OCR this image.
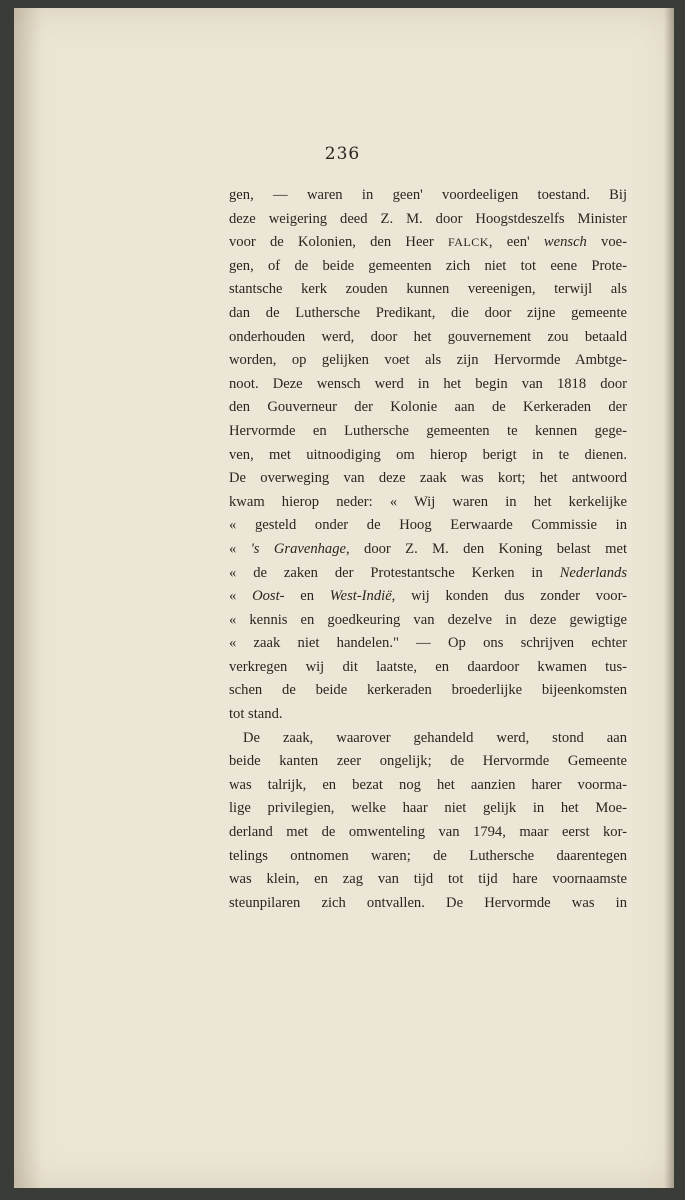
236
gen, — waren in geen' voordeeligen toestand. Bij
deze weigering deed Z. M. door Hoogstdeszelfs Minister
voor de Kolonien, den Heer FALCK, een' wensch voe-
gen, of de beide gemeenten zich niet tot eene Prote-
stantsche kerk zouden kunnen vereenigen, terwijl als
dan de Luthersche Predikant, die door zijne gemeente
onderhouden werd, door het gouvernement zou betaald
worden, op gelijken voet als zijn Hervormde Ambtge-
noot. Deze wensch werd in het begin van 1818 door
den Gouverneur der Kolonie aan de Kerkeraden der
Hervormde en Luthersche gemeenten te kennen gege-
ven, met uitnoodiging om hierop berigt in te dienen.
De overweging van deze zaak was kort; het antwoord
kwam hierop neder: « Wij waren in het kerkelijke
« gesteld onder de Hoog Eerwaarde Commissie in
« 's Gravenhage, door Z. M. den Koning belast met
« de zaken der Protestantsche Kerken in Nederlands
« Oost- en West-Indië, wij konden dus zonder voor-
« kennis en goedkeuring van dezelve in deze gewigtige
« zaak niet handelen." — Op ons schrijven echter
verkregen wij dit laatste, en daardoor kwamen tus-
schen de beide kerkeraden broederlijke bijeenkomsten
tot stand.
De zaak, waarover gehandeld werd, stond aan
beide kanten zeer ongelijk; de Hervormde Gemeente
was talrijk, en bezat nog het aanzien harer voorma-
lige privilegien, welke haar niet gelijk in het Moe-
derland met de omwenteling van 1794, maar eerst kor-
telings ontnomen waren; de Luthersche daarentegen
was klein, en zag van tijd tot tijd hare voornaamste
steunpilaren zich ontvallen. De Hervormde was in
